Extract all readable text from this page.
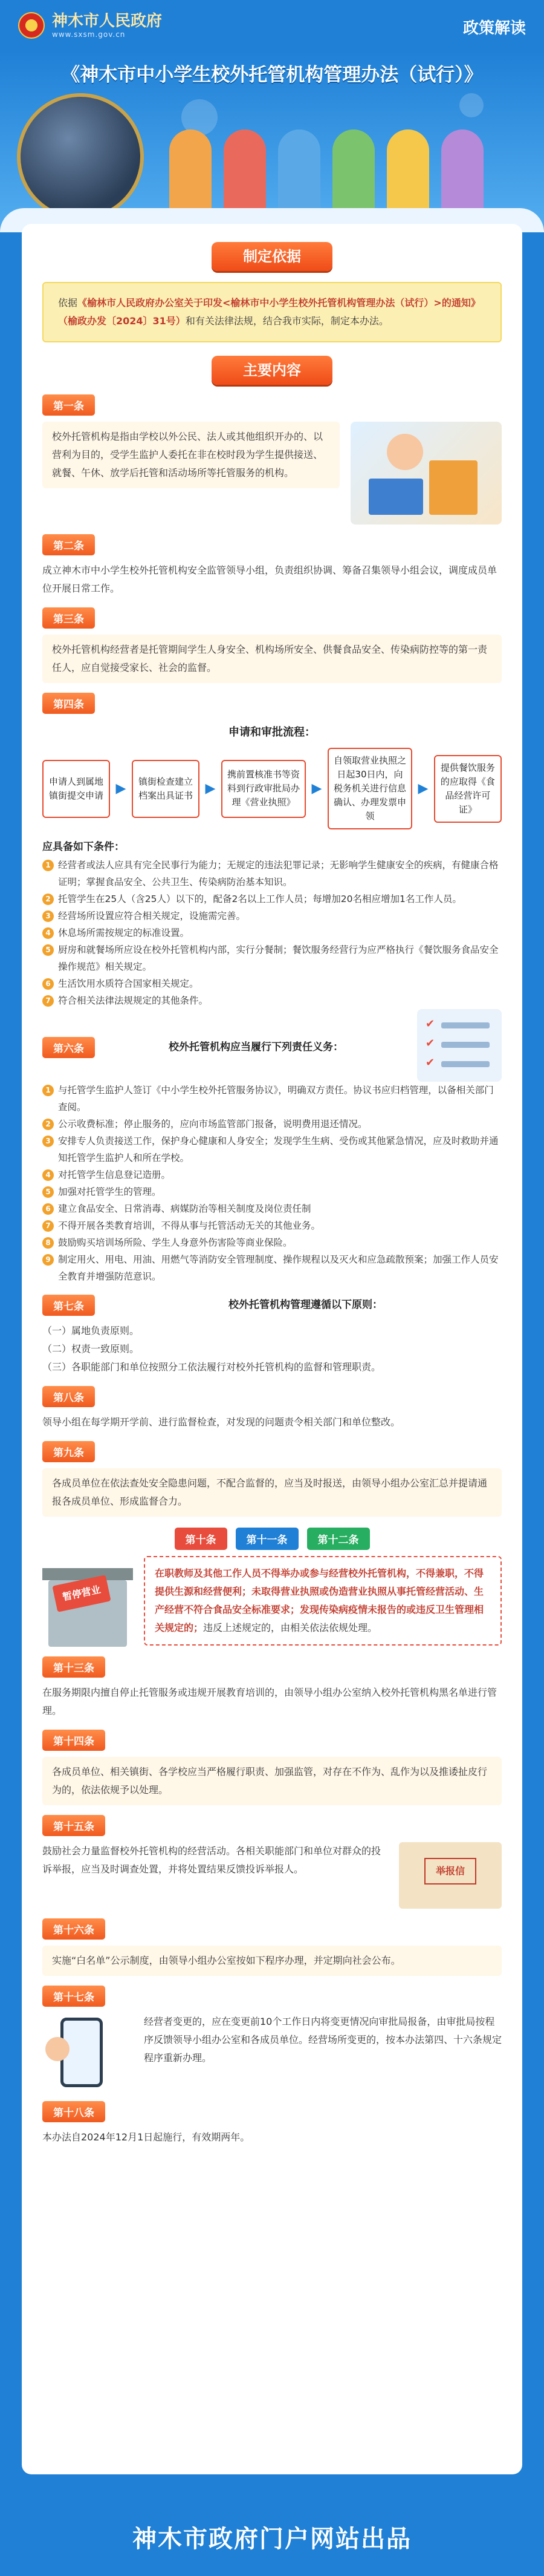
神木市人民政府
www.sxsm.gov.cn	政策解读
《神木市中小学生校外托管机构管理办法（试行）》
制定依据
依据《榆林市人民政府办公室关于印发<榆林市中小学生校外托管机构管理办法（试行）>的通知》（榆政办发〔2024〕31号）和有关法律法规，结合我市实际，制定本办法。
主要内容
第一条
校外托管机构是指由学校以外公民、法人或其他组织开办的、以营利为目的，受学生监护人委托在非在校时段为学生提供接送、就餐、午休、放学后托管和活动场所等托管服务的机构。
第二条
成立神木市中小学生校外托管机构安全监管领导小组，负责组织协调、筹备召集领导小组会议，调度成员单位开展日常工作。
第三条
校外托管机构经营者是托管期间学生人身安全、机构场所安全、供餐食品安全、传染病防控等的第一责任人，应自觉接受家长、社会的监督。
第四条
申请和审批流程：
申请人到属地镇街提交申请 ▶	镇街检查建立档案出具证书 ▶
携前置核准书等资料到行政审批局办理《营业执照》
▶
自领取营业执照之日起30日内，向税务机关进行信息确认、办理发票申领
▶
提供餐饮服务的应取得《食品经营许可证》
应具备如下条件：
1 经营者或法人应具有完全民事行为能力；无规定的违法犯罪记录；无影响学生健康安全的疾病，有健康合格证明；掌握食品安全、公共卫生、传染病防治基本知识。
2 托管学生在25人（含25人）以下的，配备2名以上工作人员；每增加20名相应增加1名工作人员。
3 经营场所设置应符合相关规定，设施需完善。
4 休息场所需按规定的标准设置。
5 厨房和就餐场所应设在校外托管机构内部，实行分餐制；餐饮服务经营行为应严格执行《餐饮服务食品安全操作规范》相关规定。
6 生活饮用水质符合国家相关规定。
7 符合相关法律法规规定的其他条件。
第六条	校外托管机构应当履行下列责任义务：
✔
✔
✔
1 与托管学生监护人签订《中小学生校外托管服务协议》，明确双方责任。协议书应归档管理，以备相关部门查阅。
2 公示收费标准；停止服务的，应向市场监管部门报备，说明费用退还情况。
3 安排专人负责接送工作，保护身心健康和人身安全；发现学生生病、受伤或其他紧急情况，应及时救助并通知托管学生监护人和所在学校。
4 对托管学生信息登记造册。
5 加强对托管学生的管理。
6 建立食品安全、日常消毒、病媒防治等相关制度及岗位责任制
7 不得开展各类教育培训，不得从事与托管活动无关的其他业务。
8 鼓励购买培训场所险、学生人身意外伤害险等商业保险。
9 制定用火、用电、用油、用燃气等消防安全管理制度、操作规程以及灭火和应急疏散预案；加强工作人员安全教育并增强防范意识。
第七条	校外托管机构管理遵循以下原则：
（一）属地负责原则。
（二）权责一致原则。
（三）各职能部门和单位按照分工依法履行对校外托管机构的监督和管理职责。
第八条
领导小组在每学期开学前、进行监督检查，对发现的问题责令相关部门和单位整改。
第九条
各成员单位在依法查处安全隐患问题，不配合监督的，应当及时报送，由领导小组办公室汇总并提请通报各成员单位、形成监督合力。
第十条	第十一条	第十二条
暂停营业
在职教师及其他工作人员不得举办或参与经营校外托管机构，不得兼职，不得提供生源和经营便利；未取得营业执照或伪造营业执照从事托管经营活动、生产经营不符合食品安全标准要求；发现传染病疫情未报告的或违反卫生管理相关规定的；违反上述规定的，由相关依法依规处理。
第十三条
在服务期限内擅自停止托管服务或违规开展教育培训的，由领导小组办公室纳入校外托管机构黑名单进行管理。
第十四条
各成员单位、相关镇街、各学校应当严格履行职责、加强监管，对存在不作为、乱作为以及推诿扯皮行为的，依法依规予以处理。
第十五条
鼓励社会力量监督校外托管机构的经营活动。各相关职能部门和单位对群众的投诉举报，应当及时调查处置，并将处置结果反馈投诉举报人。	举报信
第十六条
实施“白名单”公示制度，由领导小组办公室按如下程序办理，并定期向社会公布。
第十七条
经营者变更的，应在变更前10个工作日内将变更情况向审批局报备，由审批局按程序反馈领导小组办公室和各成员单位。经营场所变更的，按本办法第四、十六条规定程序重新办理。
第十八条
本办法自2024年12月1日起施行，有效期两年。
神木市政府门户网站出品
